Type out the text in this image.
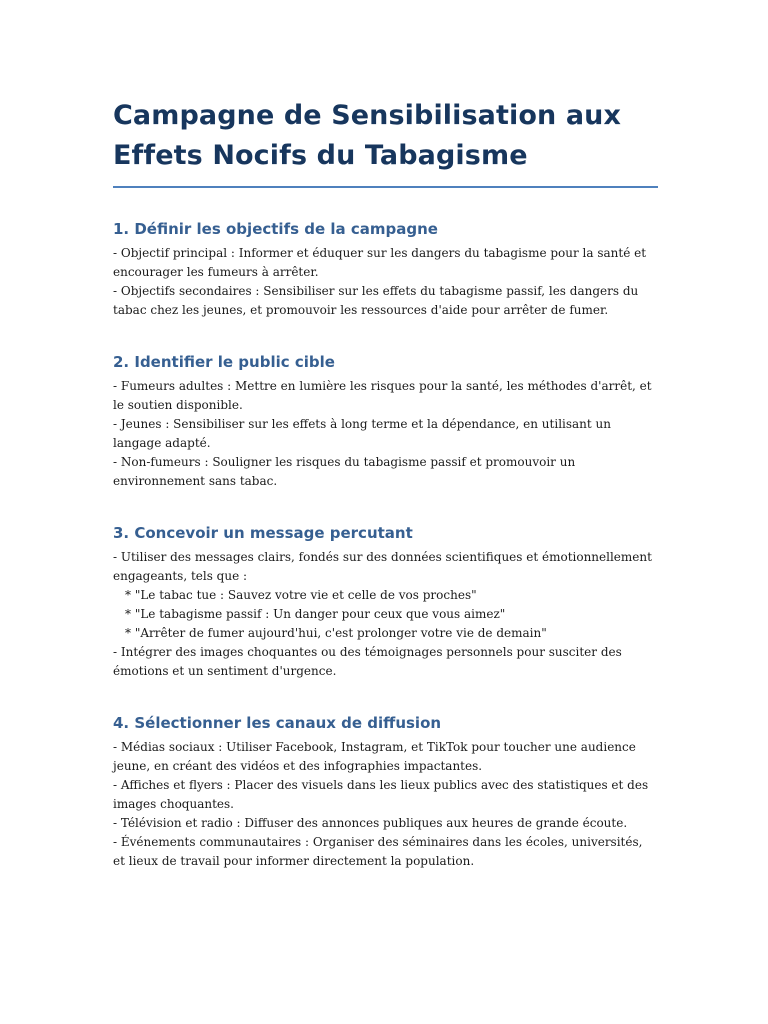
Campagne de Sensibilisation aux Effets Nocifs du Tabagisme
1. Définir les objectifs de la campagne

- Objectif principal : Informer et éduquer sur les dangers du tabagisme pour la santé et encourager les fumeurs à arrêter.

- Objectifs secondaires : Sensibiliser sur les effets du tabagisme passif, les dangers du tabac chez les jeunes, et promouvoir les ressources d'aide pour arrêter de fumer.

2. Identifier le public cible

- Fumeurs adultes : Mettre en lumière les risques pour la santé, les méthodes d'arrêt, et le soutien disponible.

- Jeunes : Sensibiliser sur les effets à long terme et la dépendance, en utilisant un langage adapté.

- Non-fumeurs : Souligner les risques du tabagisme passif et promouvoir un environnement sans tabac.

3. Concevoir un message percutant

- Utiliser des messages clairs, fondés sur des données scientifiques et émotionnellement engageants, tels que :

* "Le tabac tue : Sauvez votre vie et celle de vos proches"

* "Le tabagisme passif : Un danger pour ceux que vous aimez"

* "Arrêter de fumer aujourd'hui, c'est prolonger votre vie de demain"

- Intégrer des images choquantes ou des témoignages personnels pour susciter des émotions et un sentiment d'urgence.

4. Sélectionner les canaux de diffusion

- Médias sociaux : Utiliser Facebook, Instagram, et TikTok pour toucher une audience jeune, en créant des vidéos et des infographies impactantes.

- Affiches et flyers : Placer des visuels dans les lieux publics avec des statistiques et des images choquantes.

- Télévision et radio : Diffuser des annonces publiques aux heures de grande écoute.

- Événements communautaires : Organiser des séminaires dans les écoles, universités, et lieux de travail pour informer directement la population.
